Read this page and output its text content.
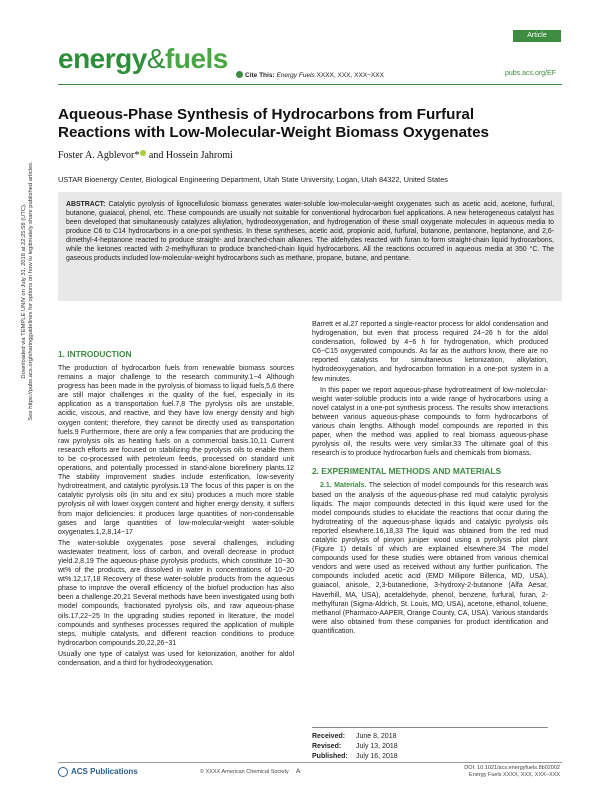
Article
energy&fuels
Cite This: Energy Fuels XXXX, XXX, XXX−XXX	pubs.acs.org/EF
Downloaded via TEMPLE UNIV on July 31, 2018 at 22:25:58 (UTC). See https://pubs.acs.org/sharingguidelines for options on how to legitimately share published articles.
Aqueous-Phase Synthesis of Hydrocarbons from Furfural Reactions with Low-Molecular-Weight Biomass Oxygenates
Foster A. Agblevor* and Hossein Jahromi
USTAR Bioenergy Center, Biological Engineering Department, Utah State University, Logan, Utah 84322, United States
ABSTRACT: Catalytic pyrolysis of lignocellulosic biomass generates water-soluble low-molecular-weight oxygenates such as acetic acid, acetone, furfural, butanone, guaiacol, phenol, etc. These compounds are usually not suitable for conventional hydrocarbon fuel applications. A new heterogeneous catalyst has been developed that simultaneously catalyzes alkylation, hydrodeoxygenation, and hydrogenation of these small oxygenate molecules in aqueous media to produce C6 to C14 hydrocarbons in a one-pot synthesis. In these syntheses, acetic acid, propionic acid, furfural, butanone, pentanone, heptanone, and 2,6-dimethyl-4-heptanone reacted to produce straight- and branched-chain alkanes. The aldehydes reacted with furan to form straight-chain liquid hydrocarbons, while the ketones reacted with 2-methylfuran to produce branched-chain liquid hydrocarbons. All the reactions occurred in aqueous media at 350 °C. The gaseous products included low-molecular-weight hydrocarbons such as methane, propane, butane, and pentane.
1. INTRODUCTION
The production of hydrocarbon fuels from renewable biomass sources remains a major challenge to the research community.1−4 Although progress has been made in the pyrolysis of biomass to liquid fuels,5,6 there are still major challenges in the quality of the fuel, especially in its application as a transportation fuel.7,8 The pyrolysis oils are unstable, acidic, viscous, and reactive, and they have low energy density and high oxygen content; therefore, they cannot be directly used as transportation fuels.9 Furthermore, there are only a few companies that are producing the raw pyrolysis oils as heating fuels on a commercial basis.10,11 Current research efforts are focused on stabilizing the pyrolysis oils to enable them to be co-processed with petroleum feeds, processed on standard unit operations, and potentially processed in stand-alone biorefinery plants.12 The stability improvement studies include esterification, low-severity hydrotreatment, and catalytic pyrolysis.13 The focus of this paper is on the catalytic pyrolysis oils (in situ and ex situ) produces a much more stable pyrolysis oil with lower oxygen content and higher energy density, it suffers from major deficiencies: it produces large quantities of non-condensable gases and large quantities of low-molecular-weight water-soluble oxygenates.1,2,8,14−17
The water-soluble oxygenates pose several challenges, including wastewater treatment, loss of carbon, and overall decrease in product yield.2,8,19 The aqueous-phase pyrolysis products, which constitute 10−30 wt% of the products, are dissolved in water in concentrations of 10−20 wt%.12,17,18 Recovery of these water-soluble products from the aqueous phase to improve the overall efficiency of the biofuel production has also been a challenge.20,21 Several methods have been investigated using both model compounds, fractionated pyrolysis oils, and raw aqueous-phase oils.17,22−25 In the upgrading studies reported in literature, the model compounds and syntheses processes required the application of multiple steps, multiple catalysts, and different reaction conditions to produce hydrocarbon compounds.20,22,26−31
Usually one type of catalyst was used for ketonization, another for aldol condensation, and a third for hydrodeoxygenation.
Barrett et al.27 reported a single-reactor process for aldol condensation and hydrogenation, but even that process required 24−26 h for the aldol condensation, followed by 4−6 h for hydrogenation, which produced C6−C15 oxygenated compounds. As far as the authors know, there are no reported catalysts for simultaneous ketonization, alkylation, hydrodeoxygenation, and hydrocarbon formation in a one-pot system in a few minutes.
In this paper we report aqueous-phase hydrotreatment of low-molecular-weight water-soluble products into a wide range of hydrocarbons using a novel catalyst in a one-pot synthesis process. The results show interactions between various aqueous-phase compounds to form hydrocarbons of various chain lengths. Although model compounds are reported in this paper, when the method was applied to real biomass aqueous-phase pyrolysis oil, the results were very similar.33 The ultimate goal of this research is to produce hydrocarbon fuels and chemicals from biomass.
2. EXPERIMENTAL METHODS AND MATERIALS
2.1. Materials. The selection of model compounds for this research was based on the analysis of the aqueous-phase red mud catalytic pyrolysis liquids. The major compounds detected in this liquid were used for the model compounds studies to elucidate the reactions that occur during the hydrotreating of the aqueous-phase liquids and catalytic pyrolysis oils reported elsewhere.16,18,33 The liquid was obtained from the red mud catalytic pyrolysis of pinyon juniper wood using a pyrolysis pilot plant (Figure 1) details of which are explained elsewhere.34 The model compounds used for these studies were obtained from various chemical vendors and were used as received without any further purification. The compounds included acetic acid (EMD Millipore Billerica, MD, USA), guaiacol, anisole, 2,3-butanedione, 3-hydroxy-2-butanone (Alfa Aesar, Haverhill, MA, USA), acetaldehyde, phenol, benzene, furfural, furan, 2-methylfuran (Sigma-Aldrich, St. Louis, MO, USA), acetone, ethanol, toluene, methanol (Pharmaco-AAPER, Orange County, CA, USA). Various standards were also obtained from these companies for product identification and quantification.
Received: June 8, 2018
Revised: July 13, 2018
Published: July 16, 2018
ACS Publications	© XXXX American Chemical Society A	DOI: 10.1021/acs.energyfuels.8b02002
Energy Fuels XXXX, XXX, XXX−XXX
